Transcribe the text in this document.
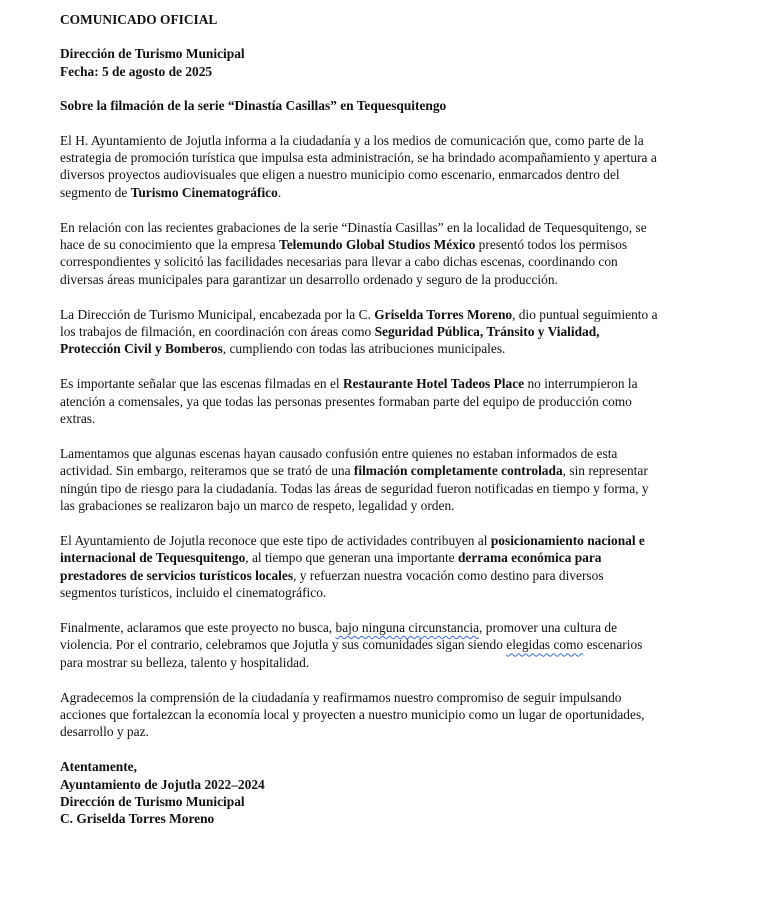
COMUNICADO OFICIAL
Dirección de Turismo Municipal
Fecha: 5 de agosto de 2025
Sobre la filmación de la serie “Dinastía Casillas” en Tequesquitengo

El H. Ayuntamiento de Jojutla informa a la ciudadanía y a los medios de comunicación que, como parte de la estrategia de promoción turística que impulsa esta administración, se ha brindado acompañamiento y apertura a diversos proyectos audiovisuales que eligen a nuestro municipio como escenario, enmarcados dentro del segmento de Turismo Cinematográfico.

En relación con las recientes grabaciones de la serie “Dinastía Casillas” en la localidad de Tequesquitengo, se hace de su conocimiento que la empresa Telemundo Global Studios México presentó todos los permisos correspondientes y solicitó las facilidades necesarias para llevar a cabo dichas escenas, coordinando con diversas áreas municipales para garantizar un desarrollo ordenado y seguro de la producción.

La Dirección de Turismo Municipal, encabezada por la C. Griselda Torres Moreno, dio puntual seguimiento a los trabajos de filmación, en coordinación con áreas como Seguridad Pública, Tránsito y Vialidad, Protección Civil y Bomberos, cumpliendo con todas las atribuciones municipales.

Es importante señalar que las escenas filmadas en el Restaurante Hotel Tadeos Place no interrumpieron la atención a comensales, ya que todas las personas presentes formaban parte del equipo de producción como extras.

Lamentamos que algunas escenas hayan causado confusión entre quienes no estaban informados de esta actividad. Sin embargo, reiteramos que se trató de una filmación completamente controlada, sin representar ningún tipo de riesgo para la ciudadanía. Todas las áreas de seguridad fueron notificadas en tiempo y forma, y las grabaciones se realizaron bajo un marco de respeto, legalidad y orden.

El Ayuntamiento de Jojutla reconoce que este tipo de actividades contribuyen al posicionamiento nacional e internacional de Tequesquitengo, al tiempo que generan una importante derrama económica para prestadores de servicios turísticos locales, y refuerzan nuestra vocación como destino para diversos segmentos turísticos, incluido el cinematográfico.

Finalmente, aclaramos que este proyecto no busca, bajo ninguna circunstancia, promover una cultura de violencia. Por el contrario, celebramos que Jojutla y sus comunidades sigan siendo elegidas como escenarios para mostrar su belleza, talento y hospitalidad.

Agradecemos la comprensión de la ciudadanía y reafirmamos nuestro compromiso de seguir impulsando acciones que fortalezcan la economía local y proyecten a nuestro municipio como un lugar de oportunidades, desarrollo y paz.

Atentamente,
Ayuntamiento de Jojutla 2022–2024
Dirección de Turismo Municipal
C. Griselda Torres Moreno
